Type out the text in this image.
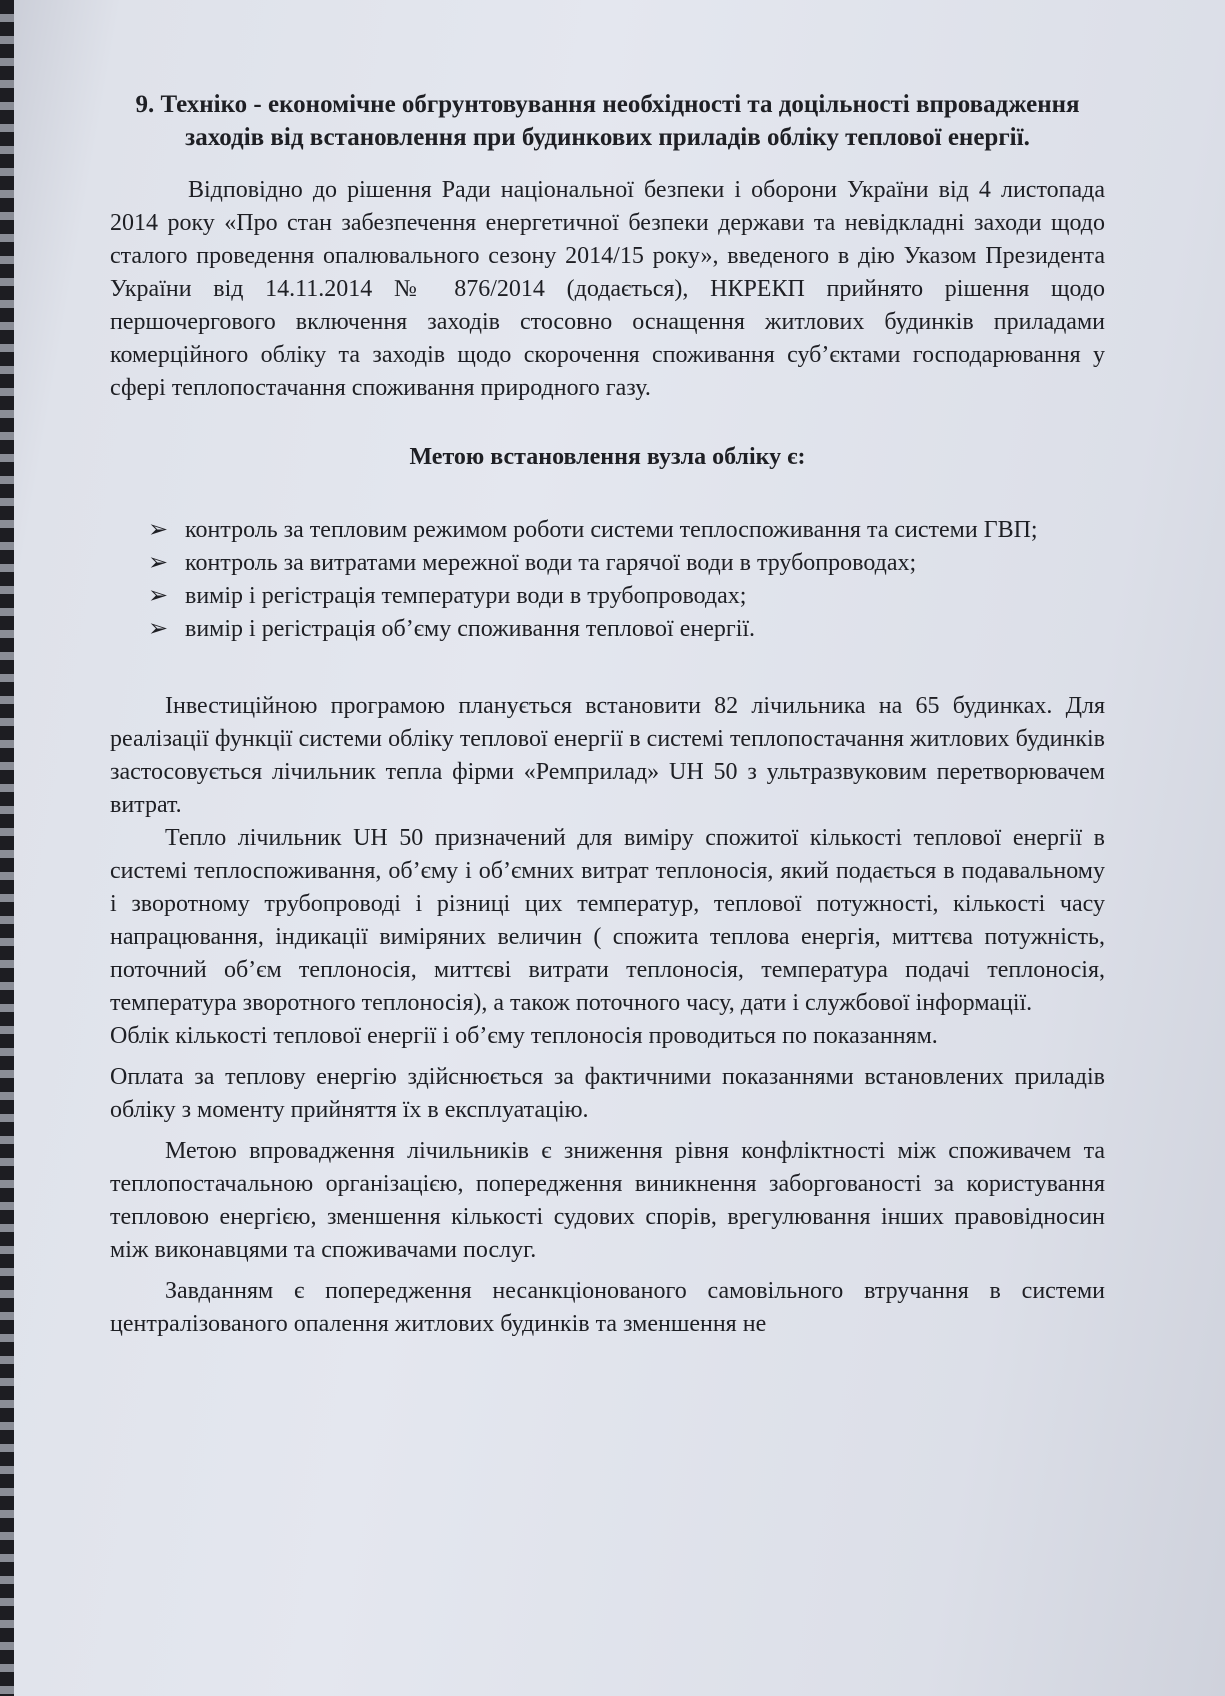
9. Техніко - економічне обгрунтовування необхідності та доцільності впровадження заходів від встановлення при будинкових приладів обліку теплової енергії.

Відповідно до рішення Ради національної безпеки і оборони України від 4 листопада 2014 року «Про стан забезпечення енергетичної безпеки держави та невідкладні заходи щодо сталого проведення опалювального сезону 2014/15 року», введеного в дію Указом Президента України від 14.11.2014 № 876/2014 (додається), НКРЕКП прийнято рішення щодо першочергового включення заходів стосовно оснащення житлових будинків приладами комерційного обліку та заходів щодо скорочення споживання суб’єктами господарювання у сфері теплопостачання споживання природного газу.

Метою встановлення вузла обліку є:
➢ контроль за тепловим режимом роботи системи теплоспоживання та системи ГВП;
➢ контроль за витратами мережної води та гарячої води в трубопроводах;
➢ вимір і регістрація температури води в трубопроводах;
➢ вимір і регістрація об’єму споживання теплової енергії.

Інвестиційною програмою планується встановити 82 лічильника на 65 будинках. Для реалізації функції системи обліку теплової енергії в системі теплопостачання житлових будинків застосовується лічильник тепла фірми «Ремприлад» UH 50 з ультразвуковим перетворювачем витрат.

Тепло лічильник UH 50 призначений для виміру спожитої кількості теплової енергії в системі теплоспоживання, об’єму і об’ємних витрат теплоносія, який подається в подавальному і зворотному трубопроводі і різниці цих температур, теплової потужності, кількості часу напрацювання, індикації виміряних величин ( спожита теплова енергія, миттєва потужність, поточний об’єм теплоносія, миттєві витрати теплоносія, температура подачі теплоносія, температура зворотного теплоносія), а також поточного часу, дати і службової інформації.

Облік кількості теплової енергії і об’єму теплоносія проводиться по показанням.

Оплата за теплову енергію здійснюється за фактичними показаннями встановлених приладів обліку з моменту прийняття їх в експлуатацію.

Метою впровадження лічильників є зниження рівня конфліктності між споживачем та теплопостачальною організацією, попередження виникнення заборгованості за користування тепловою енергією, зменшення кількості судових спорів, врегулювання інших правовідносин між виконавцями та споживачами послуг.

Завданням є попередження несанкціонованого самовільного втручання в системи централізованого опалення житлових будинків та зменшення не
